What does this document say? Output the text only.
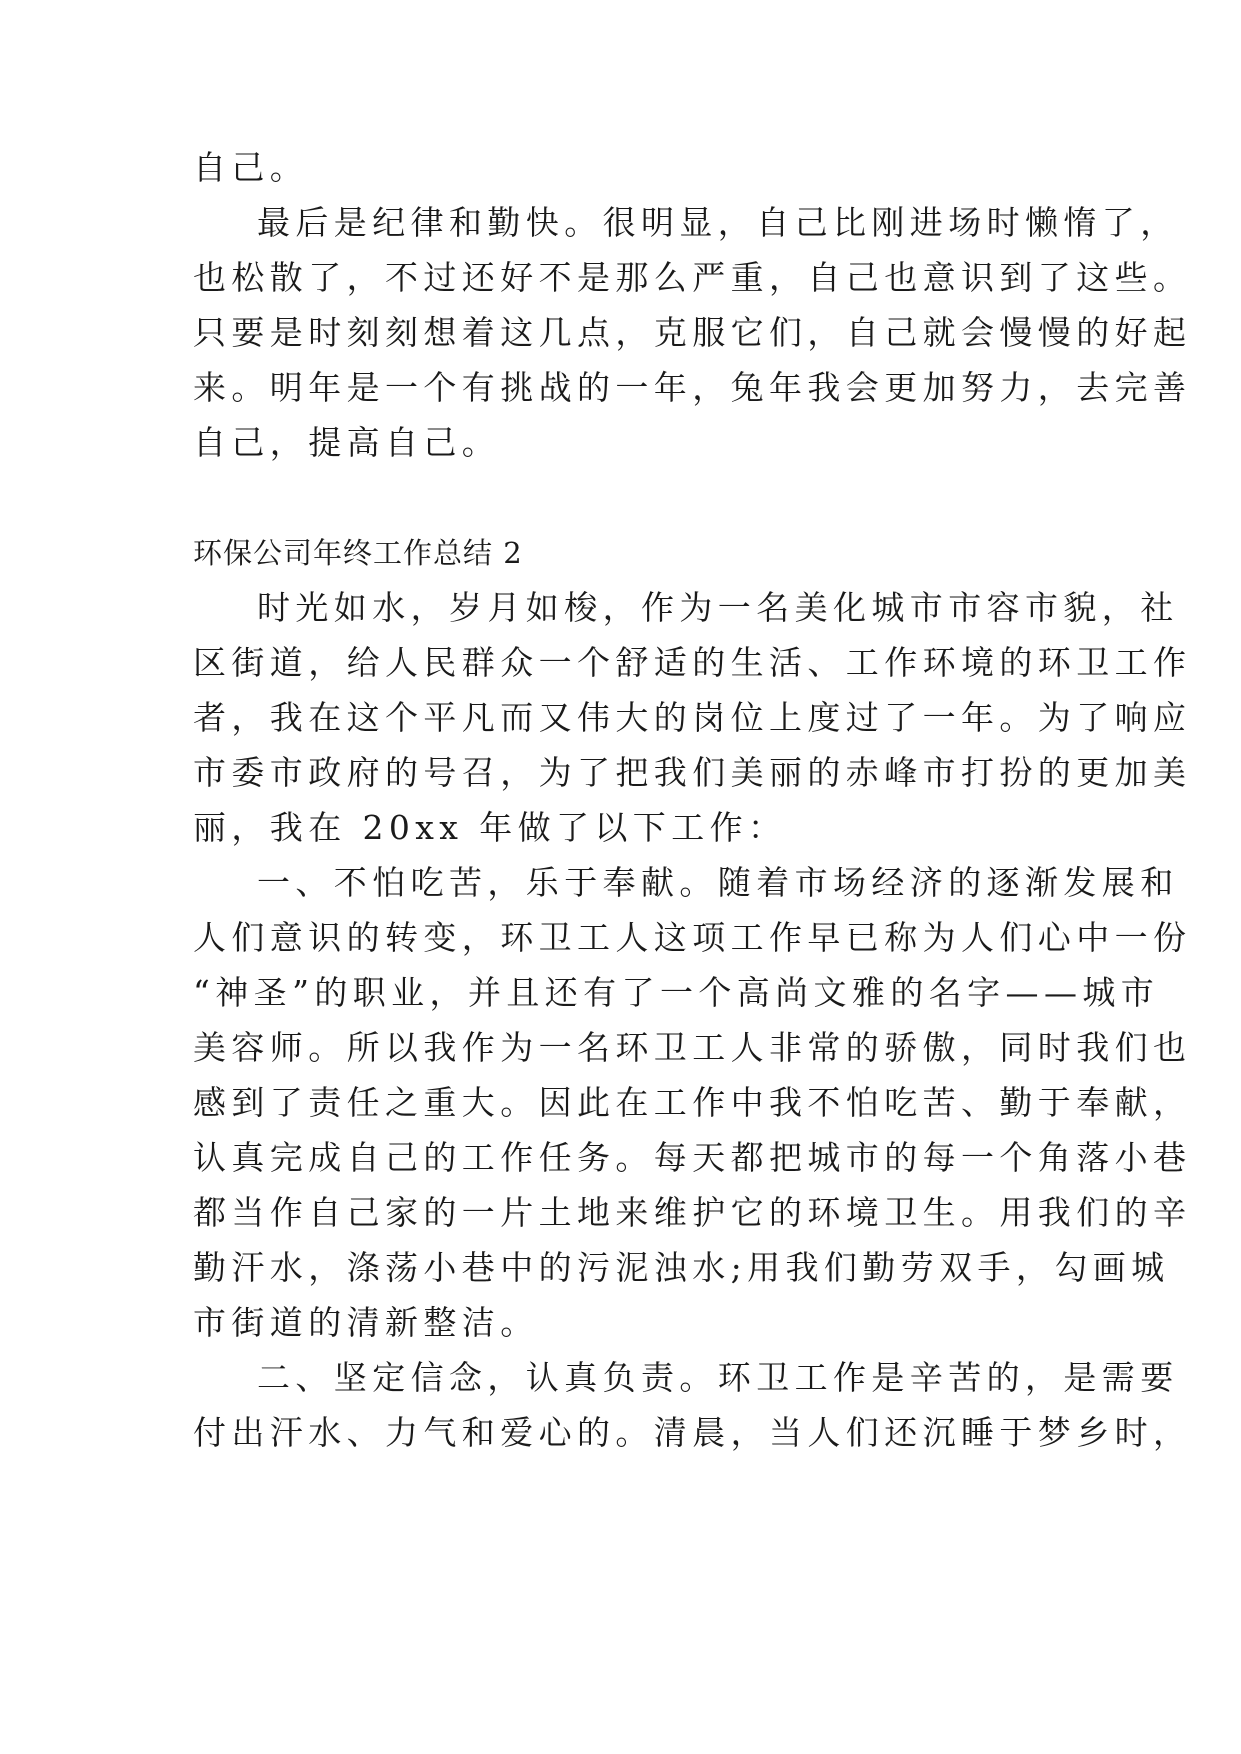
自己。
最后是纪律和勤快。很明显，自己比刚进场时懒惰了，
也松散了，不过还好不是那么严重，自己也意识到了这些。
只要是时刻刻想着这几点，克服它们，自己就会慢慢的好起
来。明年是一个有挑战的一年，兔年我会更加努力，去完善
自己，提高自己。
环保公司年终工作总结 2
时光如水，岁月如梭，作为一名美化城市市容市貌，社
区街道，给人民群众一个舒适的生活、工作环境的环卫工作
者，我在这个平凡而又伟大的岗位上度过了一年。为了响应
市委市政府的号召，为了把我们美丽的赤峰市打扮的更加美
丽，我在 20xx 年做了以下工作：
一、不怕吃苦，乐于奉献。随着市场经济的逐渐发展和
人们意识的转变，环卫工人这项工作早已称为人们心中一份
“神圣”的职业，并且还有了一个高尚文雅的名字——城市
美容师。所以我作为一名环卫工人非常的骄傲，同时我们也
感到了责任之重大。因此在工作中我不怕吃苦、勤于奉献，
认真完成自己的工作任务。每天都把城市的每一个角落小巷
都当作自己家的一片土地来维护它的环境卫生。用我们的辛
勤汗水，涤荡小巷中的污泥浊水;用我们勤劳双手，勾画城
市街道的清新整洁。
二、坚定信念，认真负责。环卫工作是辛苦的，是需要
付出汗水、力气和爱心的。清晨，当人们还沉睡于梦乡时，
